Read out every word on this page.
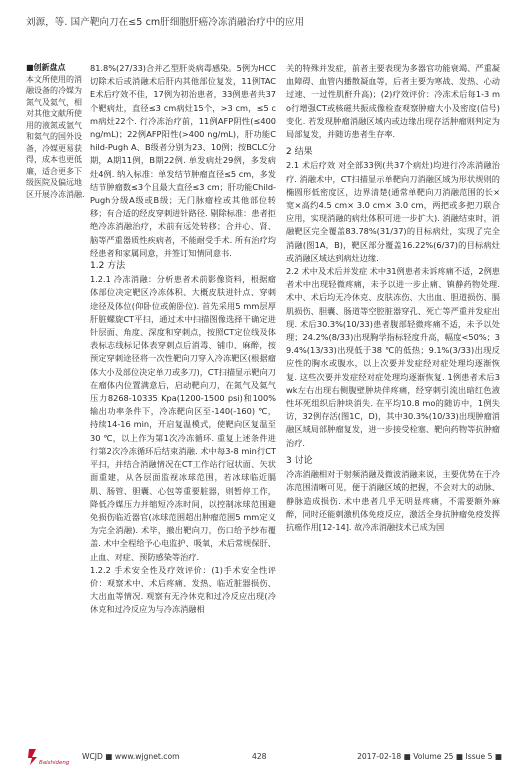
刘源，等. 国产靶向刀在≤5 cm肝细胞肝癌冷冻消融治疗中的应用
■创新盘点
本文所使用的消融设备的冷媒为氮气及氦气，相对其他文献所使用的液氮或氩气和氦气的国外设备，冷媒更易获得，成本也更低廉，适合更多下级医院及偏远地区开展冷冻消融.

81.8%(27/33)合并乙型肝炎病毒感染。5例为HCC切除术后或消融术后肝内其他部位复发，11例TACE术后疗效不佳，17例为初治患者，33例患者共37个靶病灶，直径≤3 cm病灶15个，>3 cm，≤5 cm病灶22个. 行冷冻治疗前，11例AFP阴性(≤400 ng/mL)；22例AFP阳性(>400 ng/mL)，肝功能Child-Pugh A、B级者分别为23、10例；按BCLC分期，A期11例，B期22例. 单发病灶29例，多发病灶4例. 纳入标准：单发结节肿瘤直径≤5 cm，多发结节肿瘤数≤3个且最大直径≤3 cm；肝功能Child-Pugh分级A级或B级；无门脉瘤栓或其他部位转移；有合适的经皮穿刺进针路径. 剔除标准：患者拒绝冷冻消融治疗，术前有远处转移；合并心、肾、脑等严重器质性疾病者，不能耐受手术. 所有治疗均经患者和家属同意，并签订知情同意书.

1.2 方法

1.2.1 冷冻消融：分析患者术前影像资料，根据瘤体部位决定靶区冷冻体积、大概皮肤进针点、穿刺途径及体位(仰卧位或俯卧位). 首先采用5 mm层厚肝脏螺旋CT平扫，通过术中扫描图像选择干确定进针层面、角度、深度和穿刺点，按照CT定位线及体表标志线标记体表穿刺点后消毒、铺巾、麻醉，按预定穿刺途径将一次性靶向刀穿入冷冻靶区(根据瘤体大小及部位决定单刀或多刀)，CT扫描显示靶向刀在瘤体内位置满意后，启动靶向刀，在氮气及氦气压力8268-10335 Kpa(1200-1500 psi)和100%输出功率条件下，冷冻靶向区至-140(-160) ℃，持续14-16 min，开启复温模式，使靶向区复温至30 ℃，以上作为第1次冷冻循环. 重复上述条件进行第2次冷冻循环后结束消融. 术中每3-8 min行CT平扫，并结合消融情况在CT工作站行冠状面、矢状面重建，从各层面监视冰球范围，若冰球临近膈肌、肠管、胆囊、心包等重要脏器，则暂停工作，降低冷媒压力并缩短冷冻时间，以控制冰球范围避免损伤临近器官(冰球范围超出肿瘤范围5 mm定义为完全消融). 术毕，撤出靶向刀，伤口给予纱布覆盖. 术中全程给予心电监护、吸氧，术后常规保肝、止血、对症、预防感染等治疗.

1.2.2 手术安全性及疗效评价：(1)手术安全性评价：观察术中、术后疼痛、发热、临近脏器损伤、大出血等情况. 观察有无冷休克和过冷反应出现(冷休克和过冷反应为与冷冻消融相

关的特殊并发症，前者主要表现为多器官功能衰竭、严重凝血障碍、血管内播散凝血等，后者主要为寒战、发热、心动过速、一过性肌酐升高)；(2)疗效评价：冷冻术后每1-3 mo行增强CT或核磁共振成像检查观察肿瘤大小及密度(信号)变化. 若发现肿瘤消融区域内或边缘出现存活肿瘤则判定为局部复发，并随访患者生存率.

2 结果

2.1 术后疗效 对全部33例(共37个病灶)均进行冷冻消融治疗. 消融术中，CT扫描显示单靶向刀消融区域为形状规则的椭圆形低密度区，边界清楚(通常单靶向刀消融范围的长×宽×高约4.5 cm× 3.0 cm× 3.0 cm，两把或多把刀联合应用，实现消融的病灶体积可进一步扩大). 消融结束时，消融靶区完全覆盖83.78%(31/37)的目标病灶，实现了完全消融(图1A，B)，靶区部分覆盖16.22%(6/37)的目标病灶或消融区域达到病灶边缘.

2.2 术中及术后并发症 术中31例患者未诉疼痛不适，2例患者术中出现轻微疼痛，未予以进一步止痛、镇静药物处理. 术中、术后均无冷休克、皮肤冻伤、大出血、胆道损伤、膈肌损伤、胆囊、肠道等空腔脏器穿孔、死亡等严重并发症出现. 术后30.3%(10/33)患者腹部轻微疼痛不适，未予以处理；24.2%(8/33)出现胸学指标轻度升高，幅度<50%；39.4%(13/33)出现低于38 ℃的低热；9.1%(3/33)出现反应性的胸水或腹水，以上次要并发症经对症处理均逐渐恢复. 这些次要并发症经对症处理均逐渐恢复. 1例患者术后3 wk左右出现右侧腹壁肿块伴疼痛，经穿刺引流出暗红色液性坏死组织后肿块消失. 在平均10.8 mo的随访中，1例失访，32例存活(图1C，D)，其中30.3%(10/33)出现肿瘤消融区域局部肿瘤复发，进一步接受栓塞、靶向药物等抗肿瘤治疗.

3 讨论

冷冻消融相对于射频消融及微波消融来说，主要优势在于冷冻范围清晰可见，便于消融区域的把握，不会对大的动脉、静脉造成损伤. 术中患者几乎无明显疼痛，不需要额外麻醉，同时还能刺激机体免疫反应，激活全身抗肿瘤免疫发挥抗癌作用[12-14]. 故冷冻消融技术已成为国

Baishideng
WCJD ■ www.wjgnet.com	428	2017-02-18 ■ Volume 25 ■ Issue 5 ■
